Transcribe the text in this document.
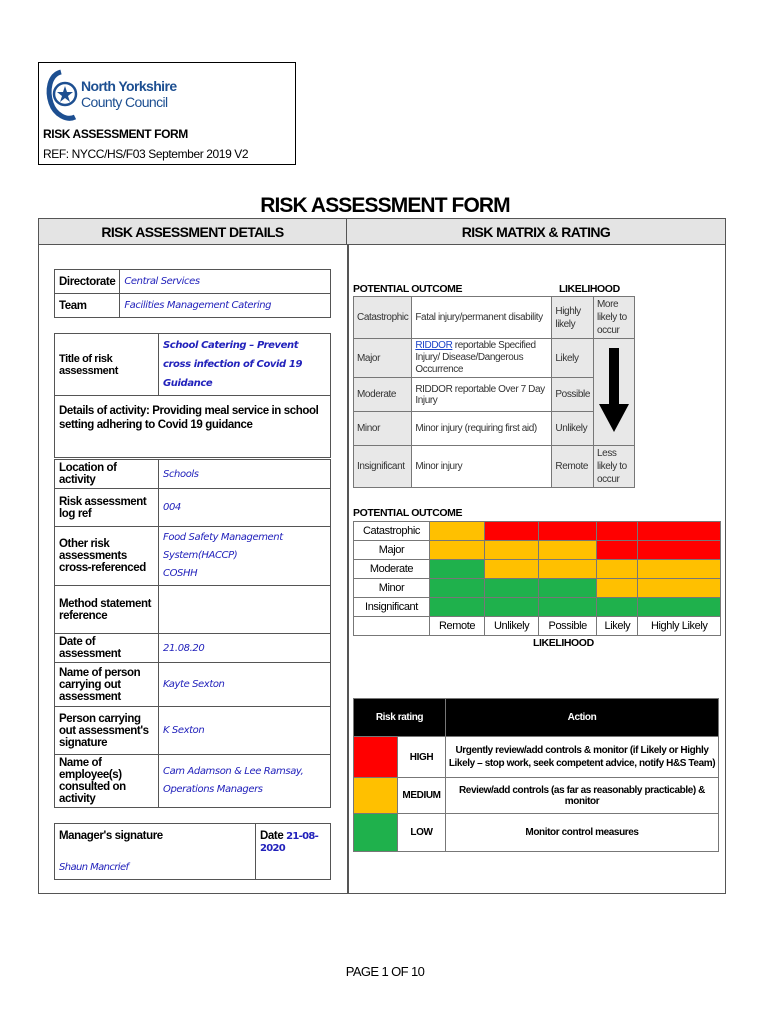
North Yorkshire
County Council
RISK ASSESSMENT FORM
REF: NYCC/HS/F03 September 2019 V2
RISK ASSESSMENT FORM
RISK ASSESSMENT DETAILS	RISK MATRIX & RATING
Directorate	Central Services
Team	Facilities Management Catering
Title of risk assessment	School Catering – Prevent cross infection of Covid 19 Guidance
Details of activity: Providing meal service in school setting adhering to Covid 19 guidance
Location of activity	Schools
Risk assessment log ref	004
Other risk assessments cross-referenced	Food Safety Management System(HACCP)
COSHH

Method statement reference	
Date of assessment	21.08.20
Name of person carrying out assessment	Kayte Sexton
Person carrying out assessment's signature	K Sexton
Name of employee(s) consulted on activity	Cam Adamson & Lee Ramsay, Operations Managers
Manager's signature
Shaun Mancrief
	Date 21-08-2020
POTENTIAL OUTCOME	LIKELIHOOD
Catastrophic	Fatal injury/permanent disability	Highly likely	More likely to occur
Major	RIDDOR reportable Specified Injury/ Disease/Dangerous Occurrence	Likely	
Moderate	RIDDOR reportable Over 7 Day Injury	Possible	
Minor	Minor injury (requiring first aid)	Unlikely	
Insignificant	Minor injury	Remote	Less likely to occur
POTENTIAL OUTCOME
Catastrophic					
Major					
Moderate					
Minor					
Insignificant					
	Remote	Unlikely	Possible	Likely	Highly Likely
LIKELIHOOD
Risk rating		Action
	HIGH	Urgently review/add controls & monitor (if Likely or Highly Likely – stop work, seek competent advice, notify H&S Team)
	MEDIUM	Review/add controls (as far as reasonably practicable) & monitor
	LOW	Monitor control measures
PAGE 1 OF 10
